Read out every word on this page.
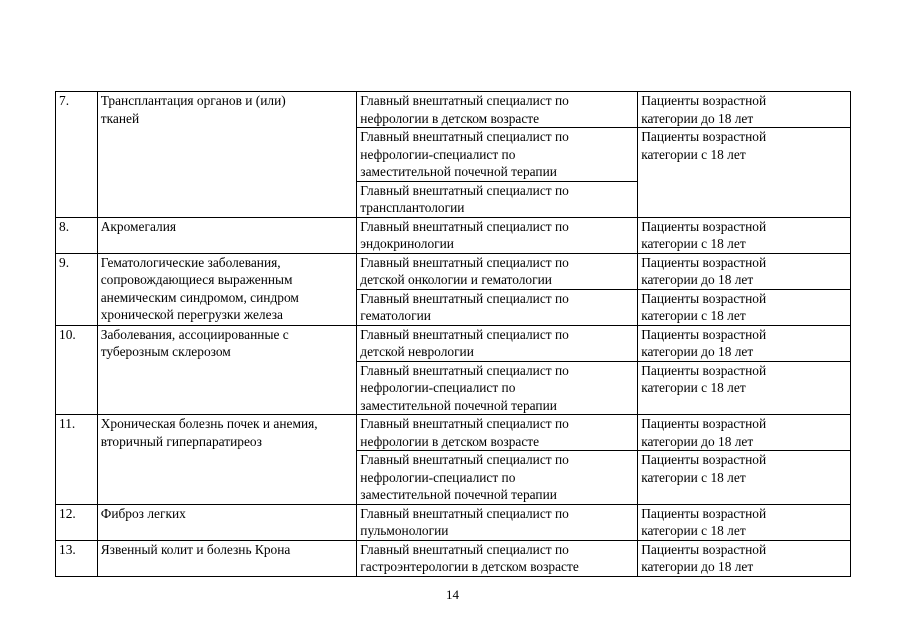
7.	Трансплантация органов и (или)
тканей	Главный внештатный специалист по
нефрологии в детском возрасте	Пациенты возрастной
категории до 18 лет

		Главный внештатный специалист по
нефрологии-специалист по
заместительной почечной терапии	Пациенты возрастной
категории с 18 лет

		Главный внештатный специалист по
трансплантологии	

8.	Акромегалия	Главный внештатный специалист по
эндокринологии	Пациенты возрастной
категории с 18 лет

9.	Гематологические заболевания,
сопровождающиеся выраженным
анемическим синдромом, синдром
хронической перегрузки железа	Главный внештатный специалист по
детской онкологии и гематологии	Пациенты возрастной
категории до 18 лет

		Главный внештатный специалист по
гематологии	Пациенты возрастной
категории с 18 лет

10.	Заболевания, ассоциированные с
туберозным склерозом	Главный внештатный специалист по
детской неврологии	Пациенты возрастной
категории до 18 лет

		Главный внештатный специалист по
нефрологии-специалист по
заместительной почечной терапии	Пациенты возрастной
категории с 18 лет

11.	Хроническая болезнь почек и анемия,
вторичный гиперпаратиреоз	Главный внештатный специалист по
нефрологии в детском возрасте	Пациенты возрастной
категории до 18 лет

		Главный внештатный специалист по
нефрологии-специалист по
заместительной почечной терапии	Пациенты возрастной
категории с 18 лет

12.	Фиброз легких	Главный внештатный специалист по
пульмонологии	Пациенты возрастной
категории с 18 лет

13.	Язвенный колит и болезнь Крона	Главный внештатный специалист по
гастроэнтерологии в детском возрасте	Пациенты возрастной
категории до 18 лет
14
